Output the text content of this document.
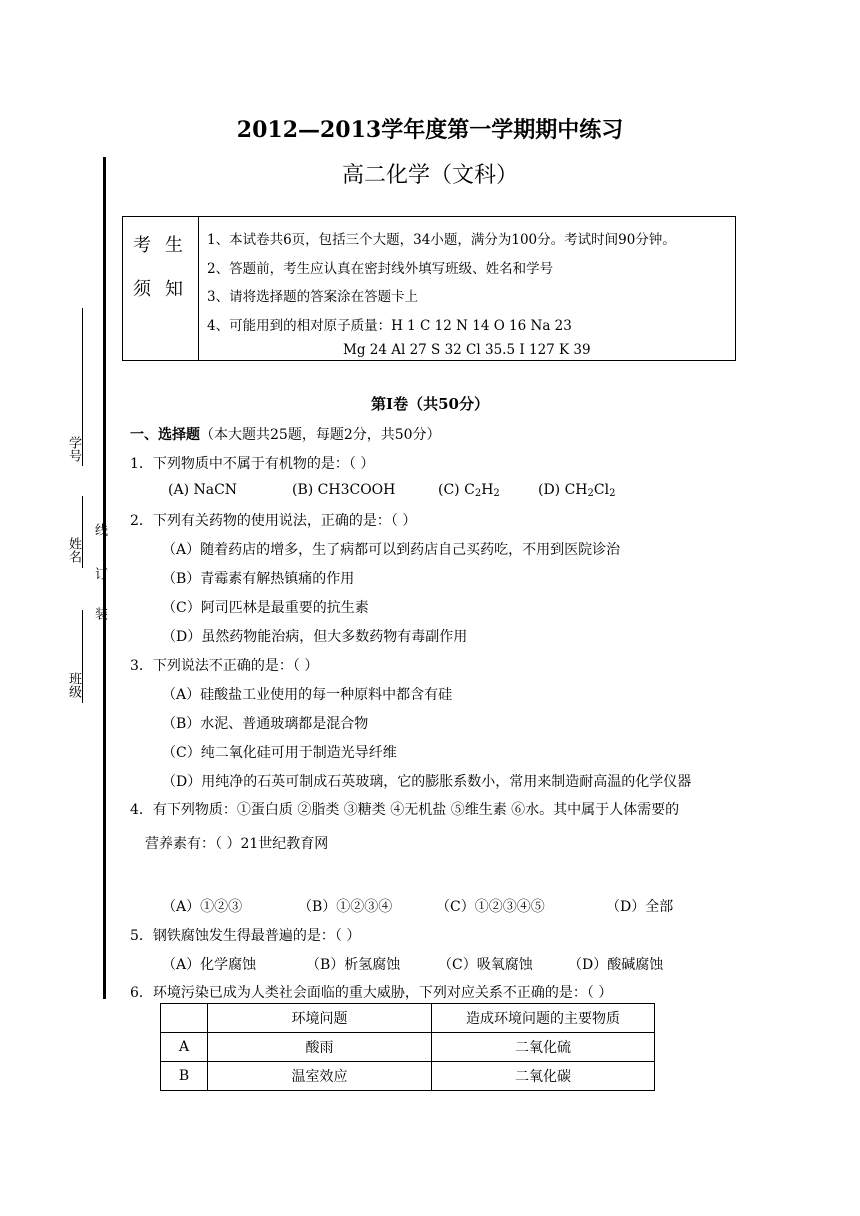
2012—2013学年度第一学期期中练习
高二化学（文科）
学号
姓名
班级
装
订
线
考生
须知
1、本试卷共6页，包括三个大题，34小题，满分为100分。考试时间90分钟。
2、答题前，考生应认真在密封线外填写班级、姓名和学号
3、请将选择题的答案涂在答题卡上
4、可能用到的相对原子质量：H 1 C 12 N 14 O 16 Na 23
Mg 24 Al 27 S 32 Cl 35.5 I 127 K 39
第I卷（共50分）
一、选择题（本大题共25题，每题2分，共50分）
1．下列物质中不属于有机物的是：（ ）
(A) NaCN	(B) CH3COOH	(C) $C_2H_2$	(D) $CH_2Cl_2$
2．下列有关药物的使用说法，正确的是：（ ）
（A）随着药店的增多，生了病都可以到药店自己买药吃，不用到医院诊治
（B）青霉素有解热镇痛的作用
（C）阿司匹林是最重要的抗生素
（D）虽然药物能治病，但大多数药物有毒副作用
3．下列说法不正确的是：（ ）
（A）硅酸盐工业使用的每一种原料中都含有硅
（B）水泥、普通玻璃都是混合物
（C）纯二氧化硅可用于制造光导纤维
（D）用纯净的石英可制成石英玻璃，它的膨胀系数小，常用来制造耐高温的化学仪器
4．有下列物质：①蛋白质 ②脂类 ③糖类 ④无机盐 ⑤维生素 ⑥水。其中属于人体需要的
营养素有：（ ）21世纪教育网
（A）①②③	（B）①②③④	（C）①②③④⑤	（D）全部
5．钢铁腐蚀发生得最普遍的是：（ ）
（A）化学腐蚀	（B）析氢腐蚀	（C）吸氧腐蚀	（D）酸碱腐蚀
6．环境污染已成为人类社会面临的重大威胁，下列对应关系不正确的是：（ ）
	环境问题	造成环境问题的主要物质
A	酸雨	二氧化硫
B	温室效应	二氧化碳
